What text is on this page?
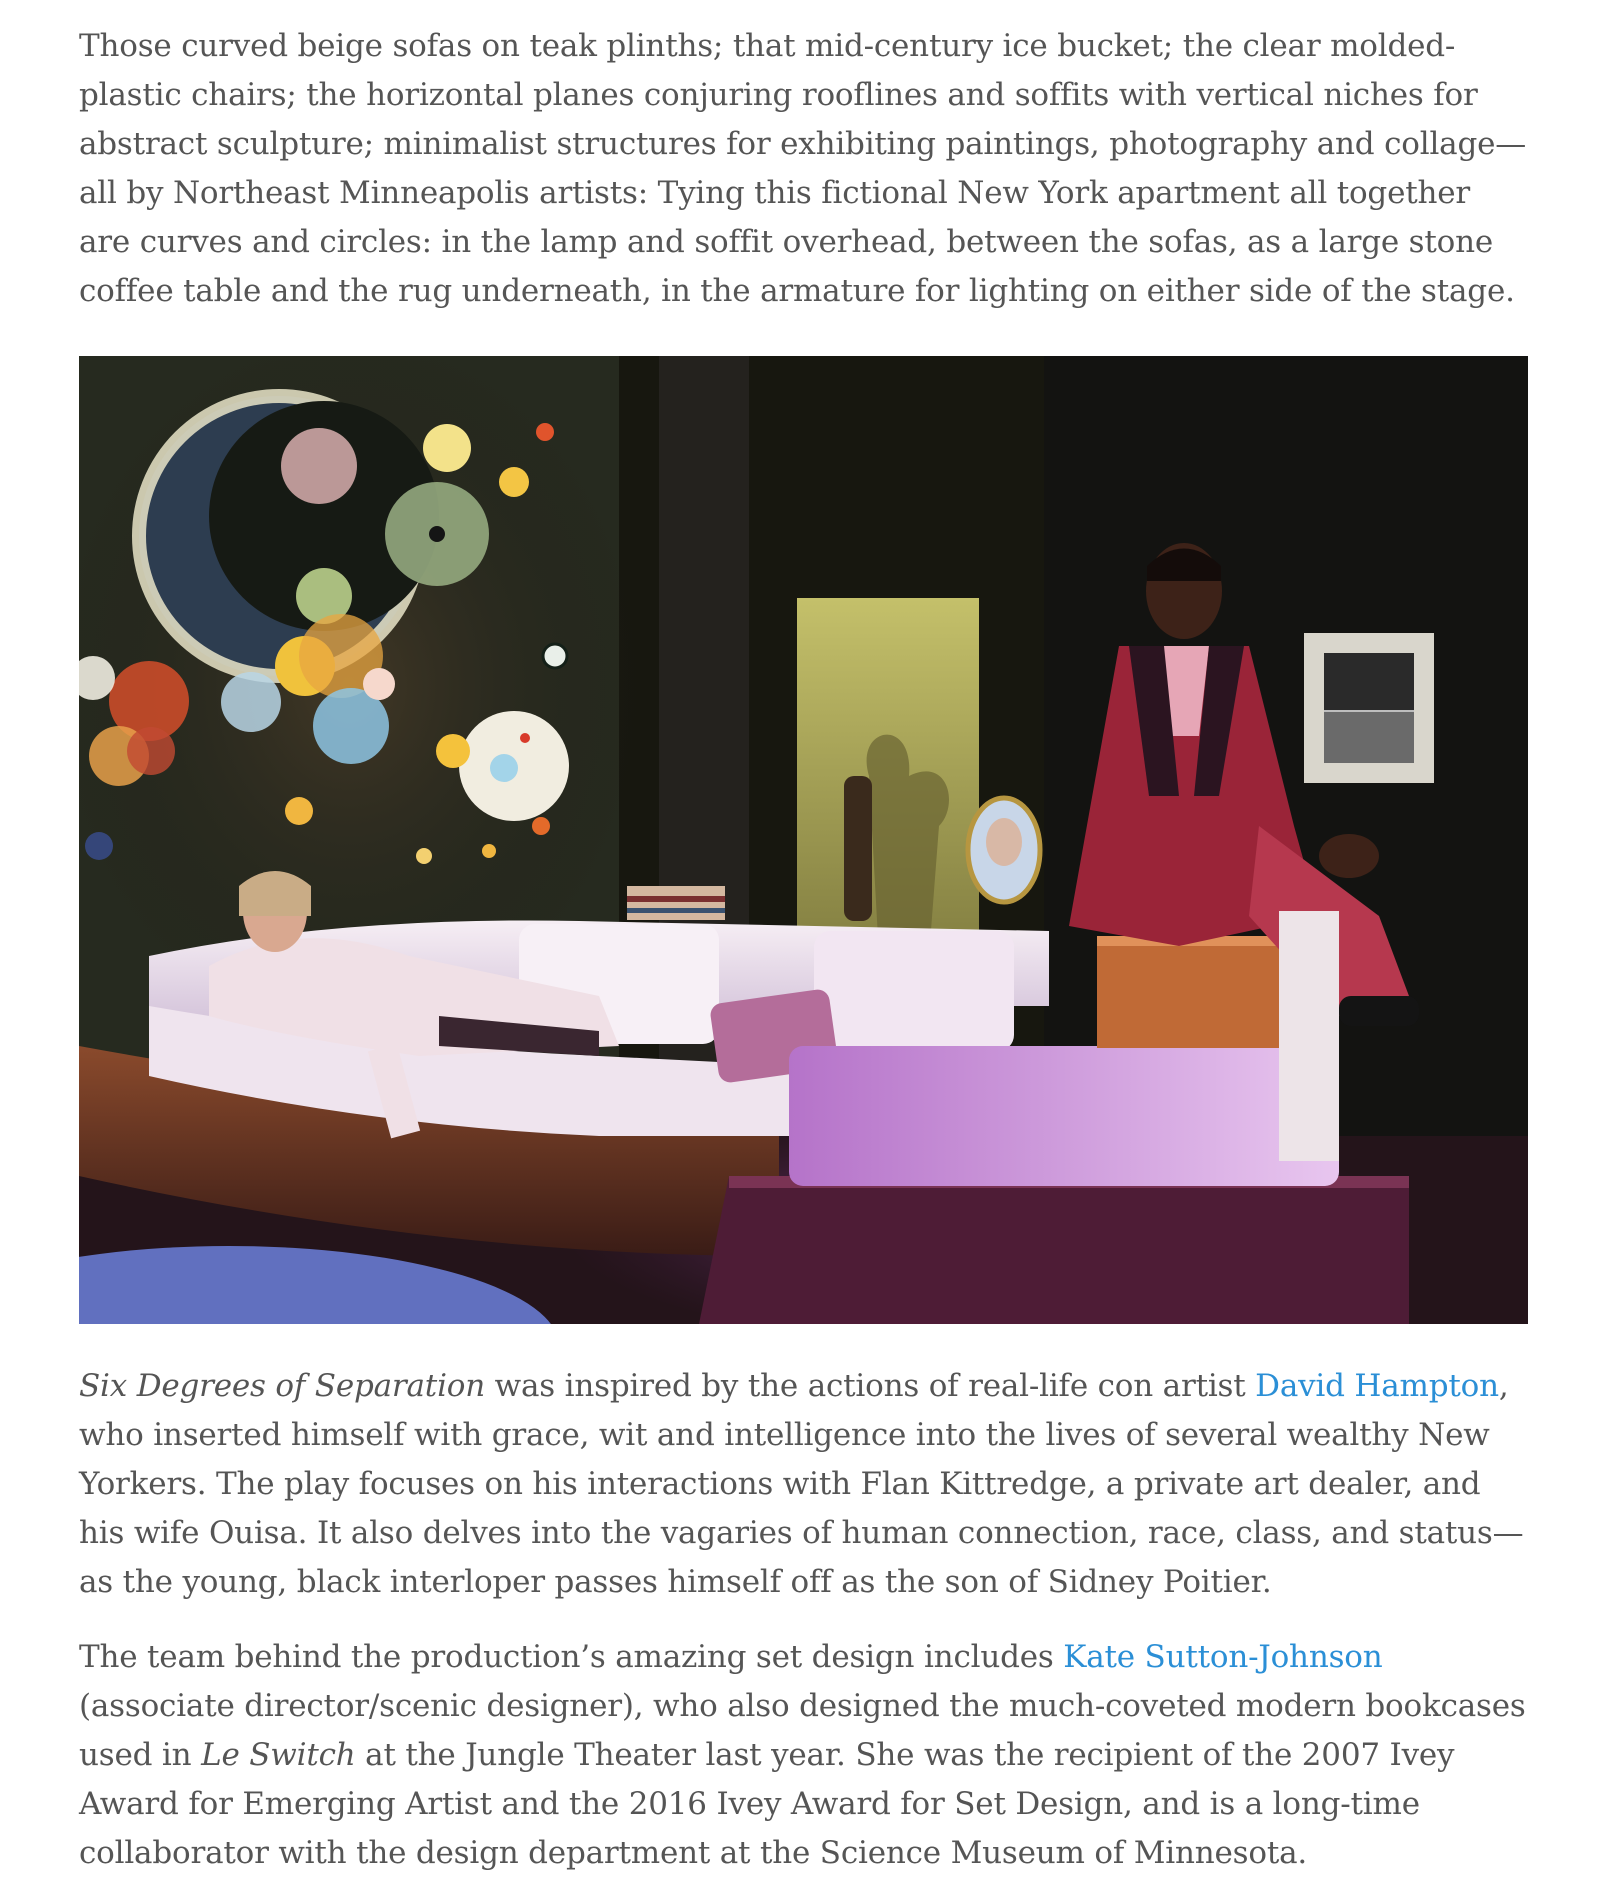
Those curved beige sofas on teak plinths; that mid-century ice bucket; the clear molded-plastic chairs; the horizontal planes conjuring rooflines and soffits with vertical niches for abstract sculpture; minimalist structures for exhibiting paintings, photography and collage—all by Northeast Minneapolis artists: Tying this fictional New York apartment all together are curves and circles: in the lamp and soffit overhead, between the sofas, as a large stone coffee table and the rug underneath, in the armature for lighting on either side of the stage.

Six Degrees of Separation was inspired by the actions of real-life con artist David Hampton, who inserted himself with grace, wit and intelligence into the lives of several wealthy New Yorkers. The play focuses on his interactions with Flan Kittredge, a private art dealer, and his wife Ouisa. It also delves into the vagaries of human connection, race, class, and status—as the young, black interloper passes himself off as the son of Sidney Poitier.

The team behind the production’s amazing set design includes Kate Sutton-Johnson (associate director/scenic designer), who also designed the much-coveted modern bookcases used in Le Switch at the Jungle Theater last year. She was the recipient of the 2007 Ivey Award for Emerging Artist and the 2016 Ivey Award for Set Design, and is a long-time collaborator with the design department at the Science Museum of Minnesota.
